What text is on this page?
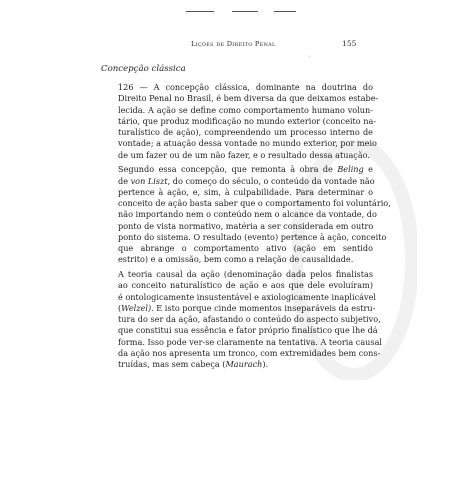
Lições de Direito Penal	155
ˋ
Concepção clássica

126 — A concepção clássica, dominante na doutrina do
Direito Penal no Brasil, é bem diversa da que deixamos estabe-
lecida. A ação se define como comportamento humano volun-
tário, que produz modificação no mundo exterior (conceito na-
turalístico de ação), compreendendo um processo interno de
vontade; a atuação dessa vontade no mundo exterior, por meio
de um fazer ou de um não fazer, e o resultado dessa atuação.

Segundo essa concepção, que remonta à obra de Beling e
de von Liszt, do começo do século, o conteúdo da vontade não
pertence à ação, e, sim, à culpabilidade. Para determinar o
conceito de ação basta saber que o comportamento foi voluntário,
não importando nem o conteúdo nem o alcance da vontade, do
ponto de vista normativo, matéria a ser considerada em outro
ponto do sistema. O resultado (evento) pertence à ação, conceito
que abrange o comportamento ativo (ação em sentido
estrito) e a omissão, bem como a relação de causalidade.

A teoria causal da ação (denominação dada pelos finalistas
ao conceito naturalístico de ação e aos que dele evoluíram)
é ontologicamente insustentável e axiologicamente inaplicável
(Welzel). E isto porque cinde momentos inseparáveis da estru-
tura do ser da ação, afastando o conteúdo do aspecto subjetivo,
que constitui sua essência e fator próprio finalístico que lhe dá
forma. Isso pode ver-se claramente na tentativa. A teoria causal
da ação nos apresenta um tronco, com extremidades bem cons-
truídas, mas sem cabeça (Maurach).
